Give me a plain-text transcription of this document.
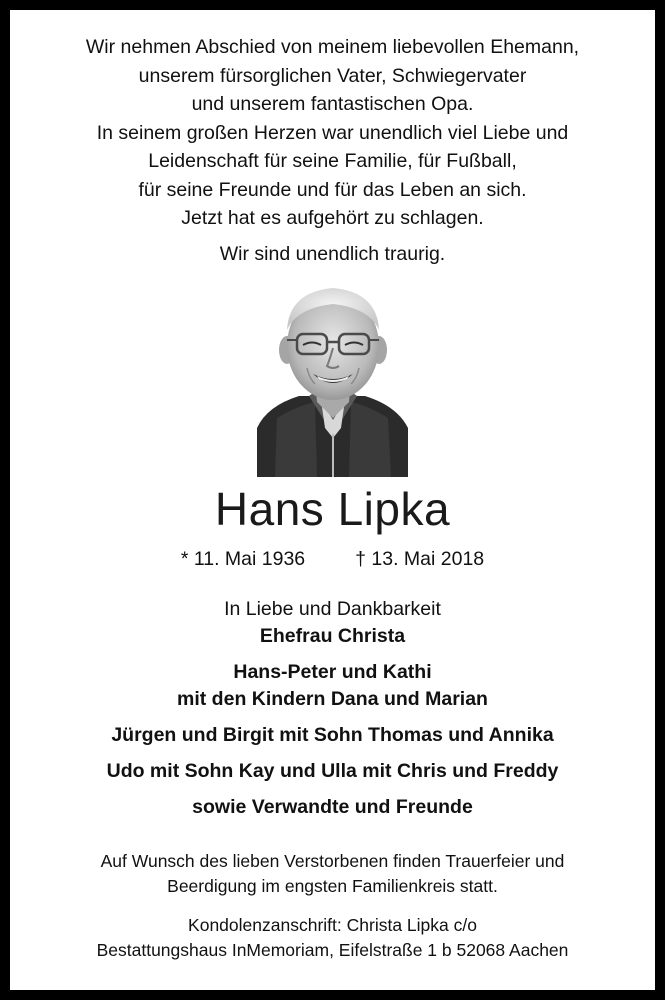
Wir nehmen Abschied von meinem liebevollen Ehemann,
unserem fürsorglichen Vater, Schwiegervater
und unserem fantastischen Opa.
In seinem großen Herzen war unendlich viel Liebe und
Leidenschaft für seine Familie, für Fußball,
für seine Freunde und für das Leben an sich.
Jetzt hat es aufgehört zu schlagen.
Wir sind unendlich traurig.
Hans Lipka
* 11. Mai 1936	† 13. Mai 2018
In Liebe und Dankbarkeit
Ehefrau Christa
Hans-Peter und Kathi
mit den Kindern Dana und Marian
Jürgen und Birgit mit Sohn Thomas und Annika
Udo mit Sohn Kay und Ulla mit Chris und Freddy
sowie Verwandte und Freunde
Auf Wunsch des lieben Verstorbenen finden Trauerfeier und
Beerdigung im engsten Familienkreis statt.
Kondolenzanschrift: Christa Lipka c/o
Bestattungshaus InMemoriam, Eifelstraße 1 b 52068 Aachen
